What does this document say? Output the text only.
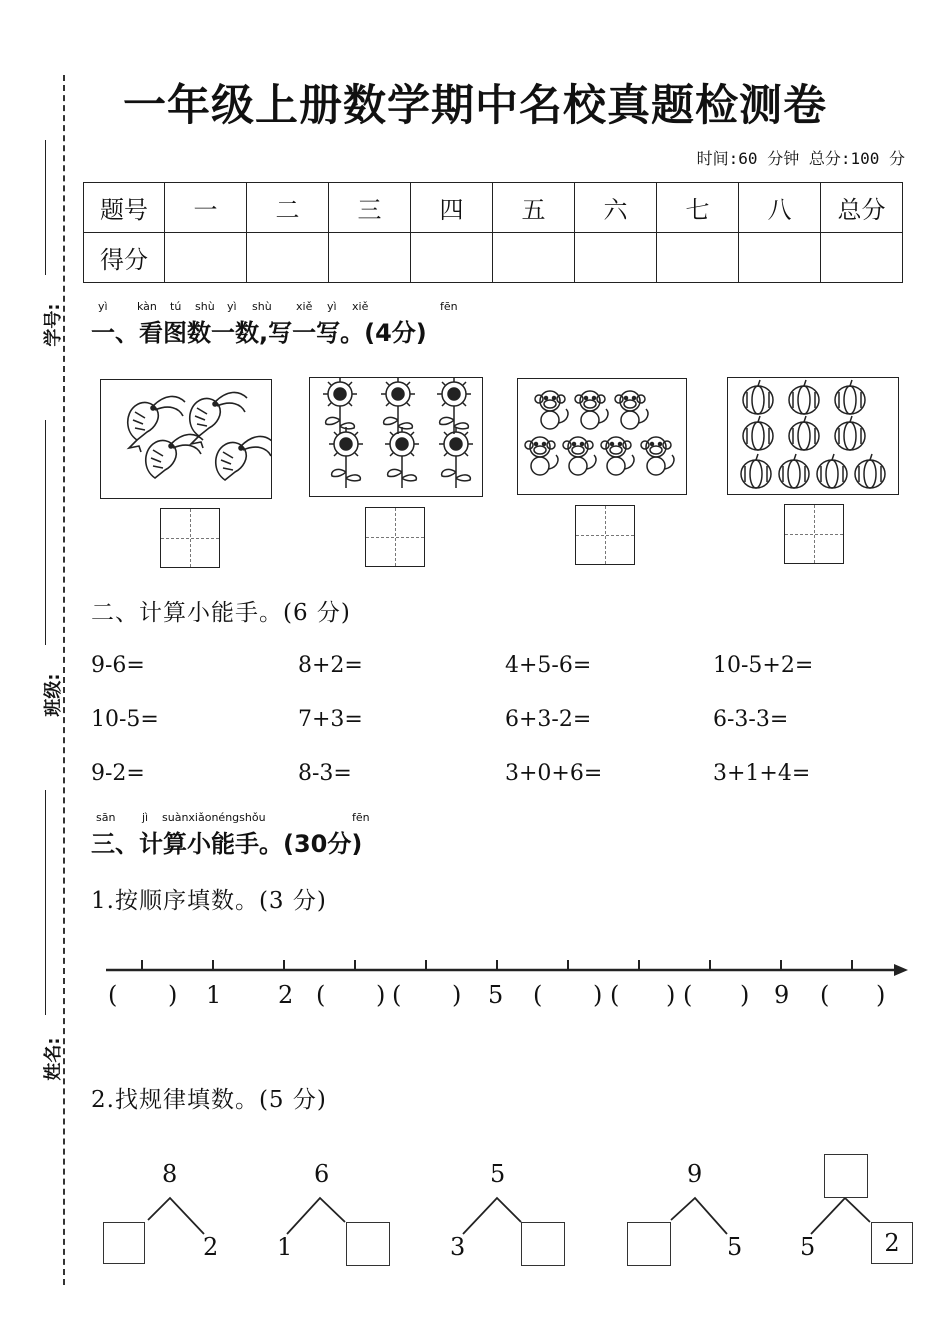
学号:
班级:
姓名:
一年级上册数学期中名校真题检测卷
时间:60 分钟 总分:100 分
题号	一	二	三	四	五	六	七	八	总分
得分									
yì	kàn tú shù yì shù xiě yì xiě	fēn
一、看图数一数,写一写。(4分)
二、计算小能手。(6 分)
9-6=	8+2=	4+5-6=	10-5+2=
10-5=	7+3=	6+3-2=	6-3-3=
9-2=	8-3=	3+0+6=	3+1+4=
sān jì suànxiǎonéngshǒu	fēn
三、计算小能手。(30分)
1.按顺序填数。(3 分)
( ) 1 2 ( ) ( ) 5 ( ) ( ) ( ) 9 ( )
2.找规律填数。(5 分)
8
2
6
1
5
3
9
5 5	2
